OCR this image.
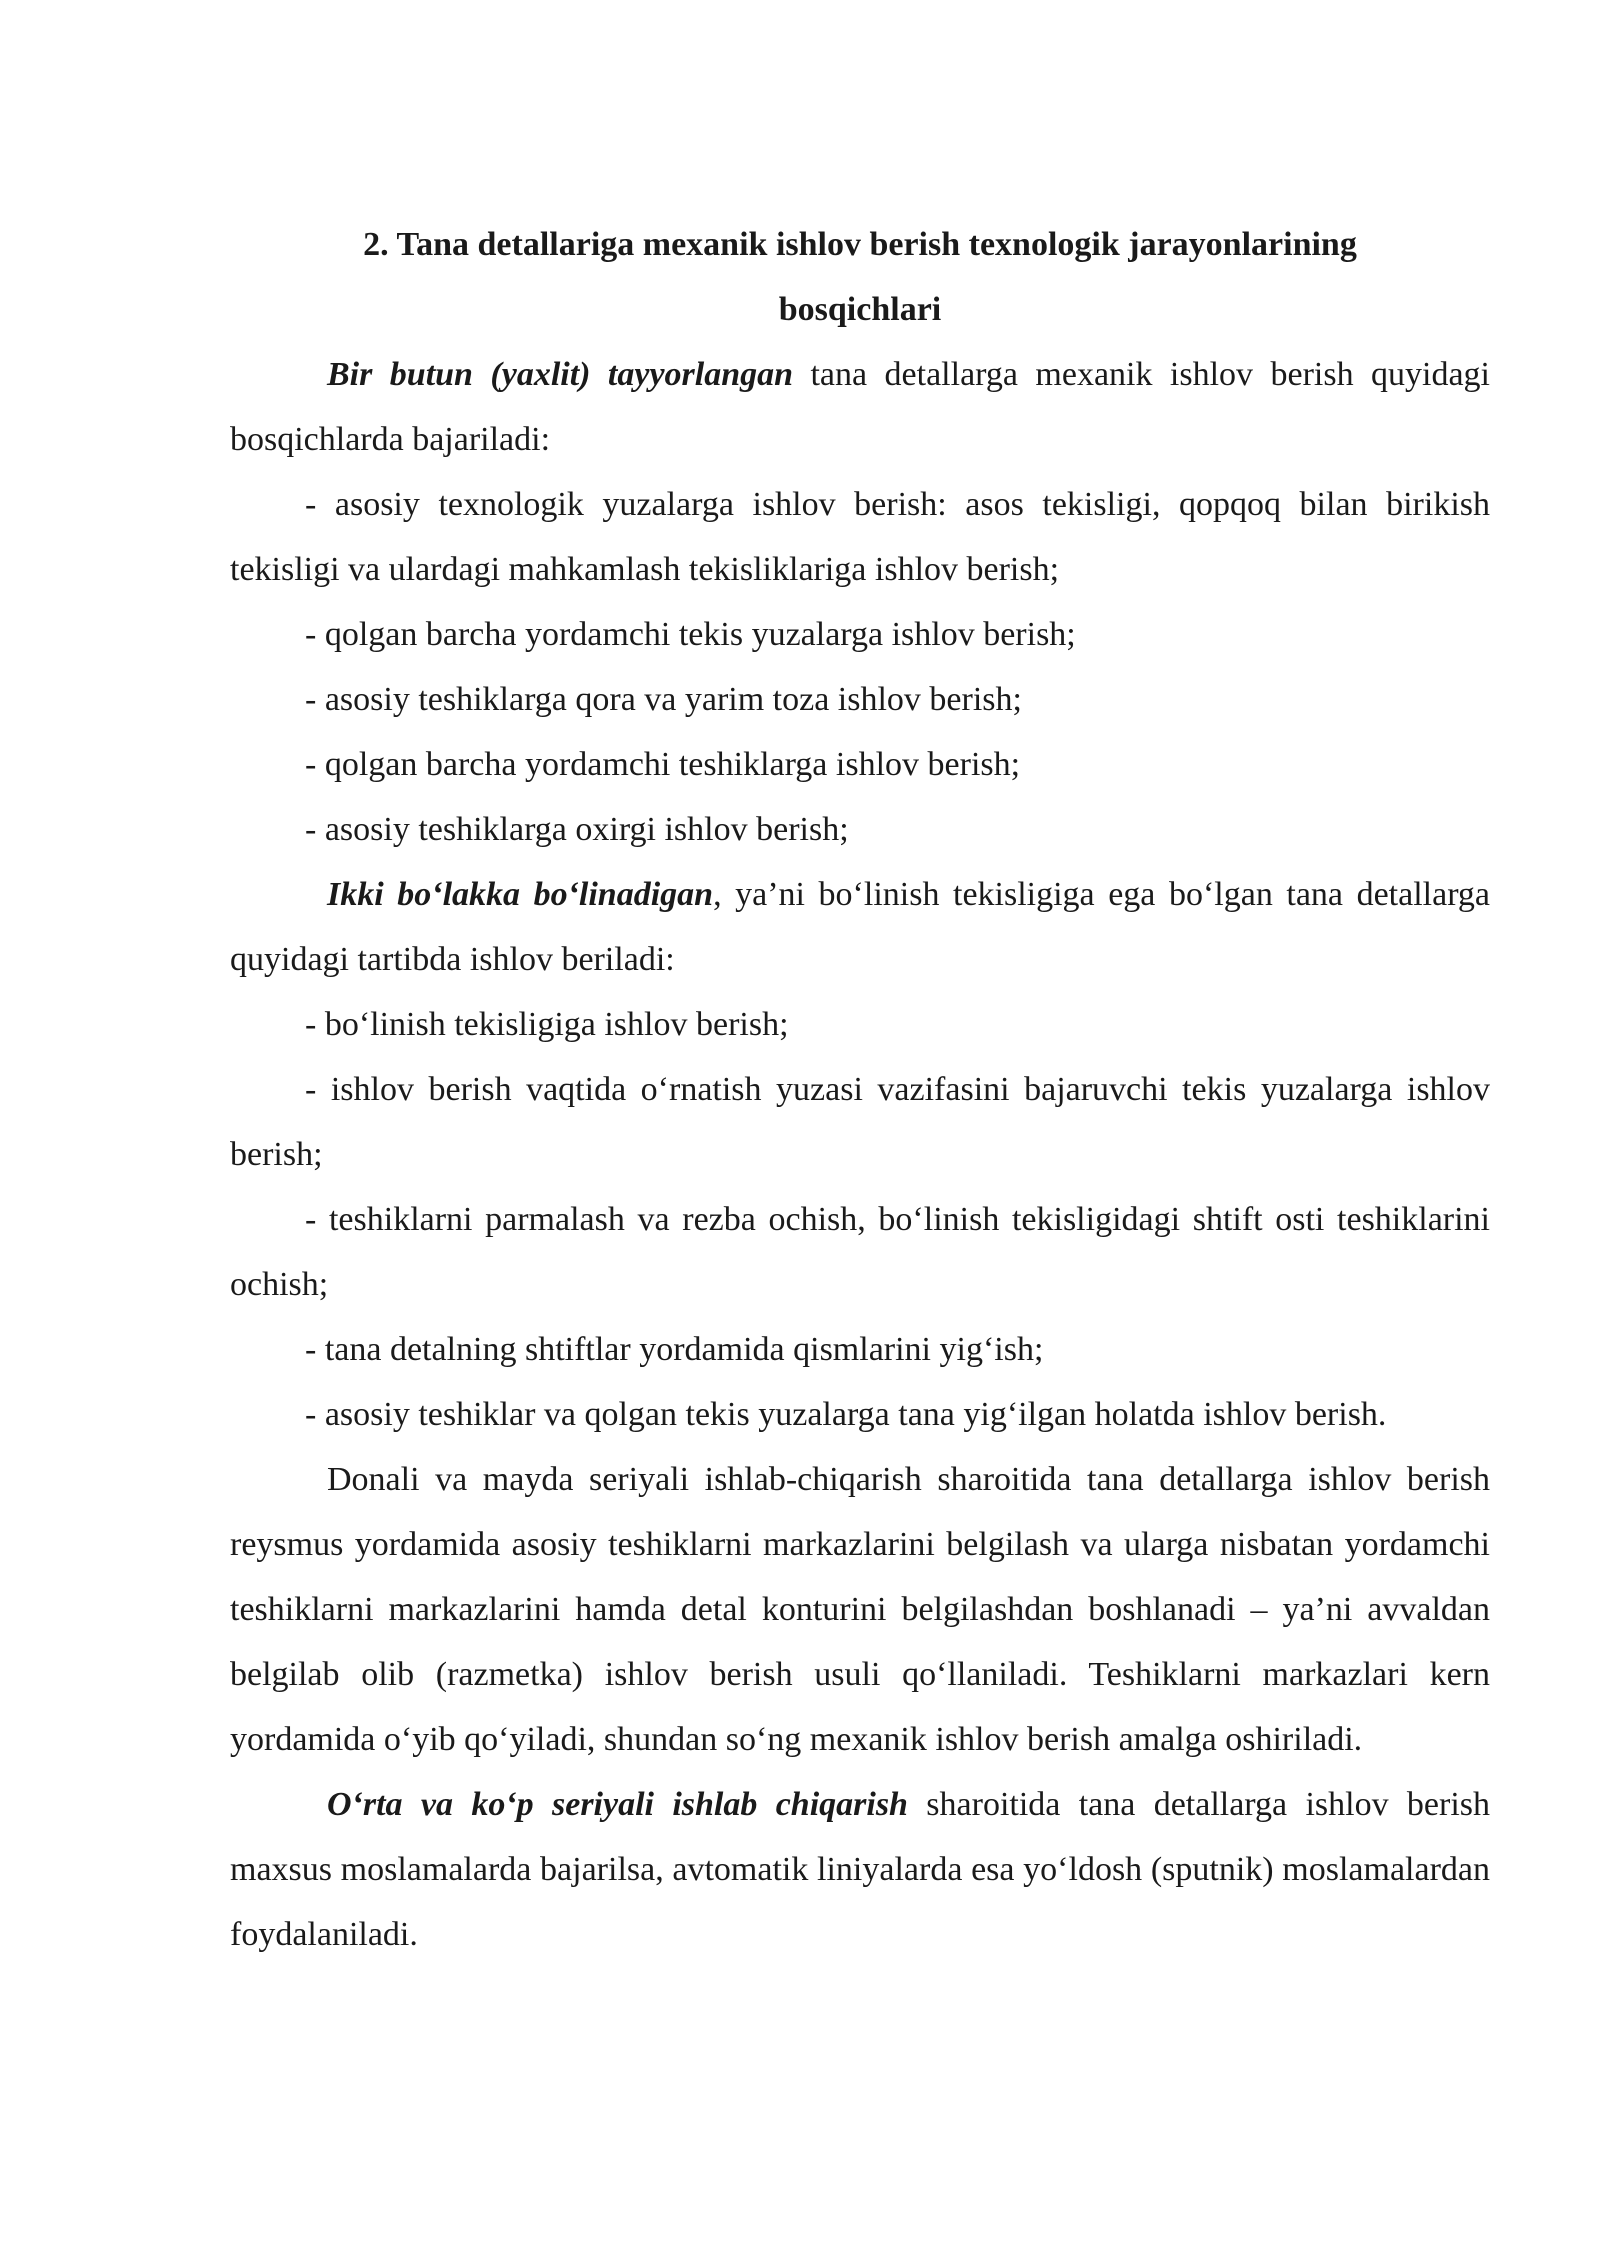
2. Tana detallariga mexanik ishlov berish texnologik jarayonlarining

bosqichlari

Bir butun (yaxlit) tayyorlangan tana detallarga mexanik ishlov berish quyidagi bosqichlarda bajariladi:

- asosiy texnologik yuzalarga ishlov berish: asos tekisligi, qopqoq bilan birikish tekisligi va ulardagi mahkamlash tekisliklariga ishlov berish;

- qolgan barcha yordamchi tekis yuzalarga ishlov berish;

- asosiy teshiklarga qora va yarim toza ishlov berish;

- qolgan barcha yordamchi teshiklarga ishlov berish;

- asosiy teshiklarga oxirgi ishlov berish;

Ikki bo‘lakka bo‘linadigan, ya’ni bo‘linish tekisligiga ega bo‘lgan tana detallarga quyidagi tartibda ishlov beriladi:

- bo‘linish tekisligiga ishlov berish;

- ishlov berish vaqtida o‘rnatish yuzasi vazifasini bajaruvchi tekis yuzalarga ishlov berish;

- teshiklarni parmalash va rezba ochish, bo‘linish tekisligidagi shtift osti teshiklarini ochish;

- tana detalning shtiftlar yordamida qismlarini yig‘ish;

- asosiy teshiklar va qolgan tekis yuzalarga tana yig‘ilgan holatda ishlov berish.

Donali va mayda seriyali ishlab-chiqarish sharoitida tana detallarga ishlov berish reysmus yordamida asosiy teshiklarni markazlarini belgilash va ularga nisbatan yordamchi teshiklarni markazlarini hamda detal konturini belgilashdan boshlanadi – ya’ni avvaldan belgilab olib (razmetka) ishlov berish usuli qo‘llaniladi. Teshiklarni markazlari kern yordamida o‘yib qo‘yiladi, shundan so‘ng mexanik ishlov berish amalga oshiriladi.

O‘rta va ko‘p seriyali ishlab chiqarish sharoitida tana detallarga ishlov berish maxsus moslamalarda bajarilsa, avtomatik liniyalarda esa yo‘ldosh (sputnik) moslamalardan foydalaniladi.
